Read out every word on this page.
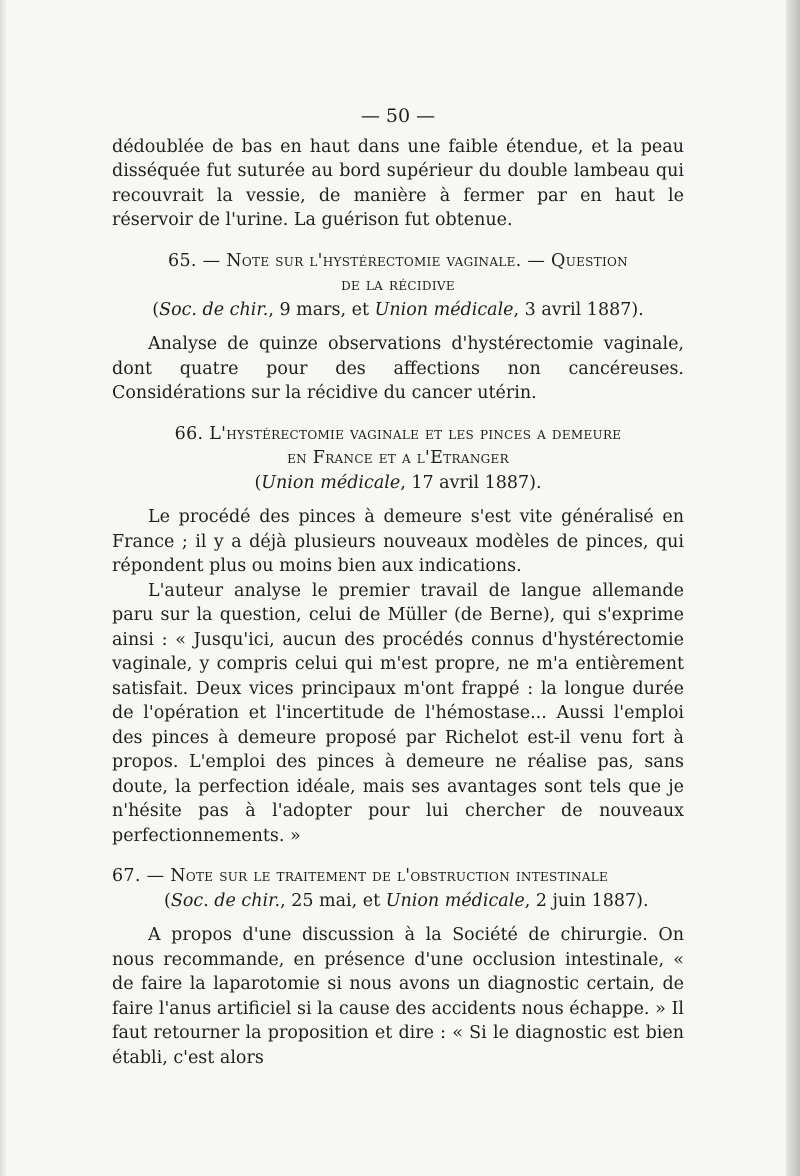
— 50 —

dédoublée de bas en haut dans une faible étendue, et la peau disséquée fut suturée au bord supérieur du double lambeau qui recouvrait la vessie, de manière à fermer par en haut le réservoir de l'urine. La guérison fut obtenue.

65. — Note sur l'hystérectomie vaginale. — Question
de la récidive
(Soc. de chir., 9 mars, et Union médicale, 3 avril 1887).

Analyse de quinze observations d'hystérectomie vaginale, dont quatre pour des affections non cancéreuses. Considérations sur la récidive du cancer utérin.

66. L'hystérectomie vaginale et les pinces a demeure
en France et a l'Etranger
(Union médicale, 17 avril 1887).

Le procédé des pinces à demeure s'est vite généralisé en France ; il y a déjà plusieurs nouveaux modèles de pinces, qui répondent plus ou moins bien aux indications.

L'auteur analyse le premier travail de langue allemande paru sur la question, celui de Müller (de Berne), qui s'exprime ainsi : « Jusqu'ici, aucun des procédés connus d'hystérectomie vaginale, y compris celui qui m'est propre, ne m'a entièrement satisfait. Deux vices principaux m'ont frappé : la longue durée de l'opération et l'incertitude de l'hémostase... Aussi l'emploi des pinces à demeure proposé par Richelot est-il venu fort à propos. L'emploi des pinces à demeure ne réalise pas, sans doute, la perfection idéale, mais ses avantages sont tels que je n'hésite pas à l'adopter pour lui chercher de nouveaux perfectionnements. »

67. — Note sur le traitement de l'obstruction intestinale
(Soc. de chir., 25 mai, et Union médicale, 2 juin 1887).

A propos d'une discussion à la Société de chirurgie. On nous recommande, en présence d'une occlusion intestinale, « de faire la laparotomie si nous avons un diagnostic certain, de faire l'anus artificiel si la cause des accidents nous échappe. » Il faut retourner la proposition et dire : « Si le diagnostic est bien établi, c'est alors
